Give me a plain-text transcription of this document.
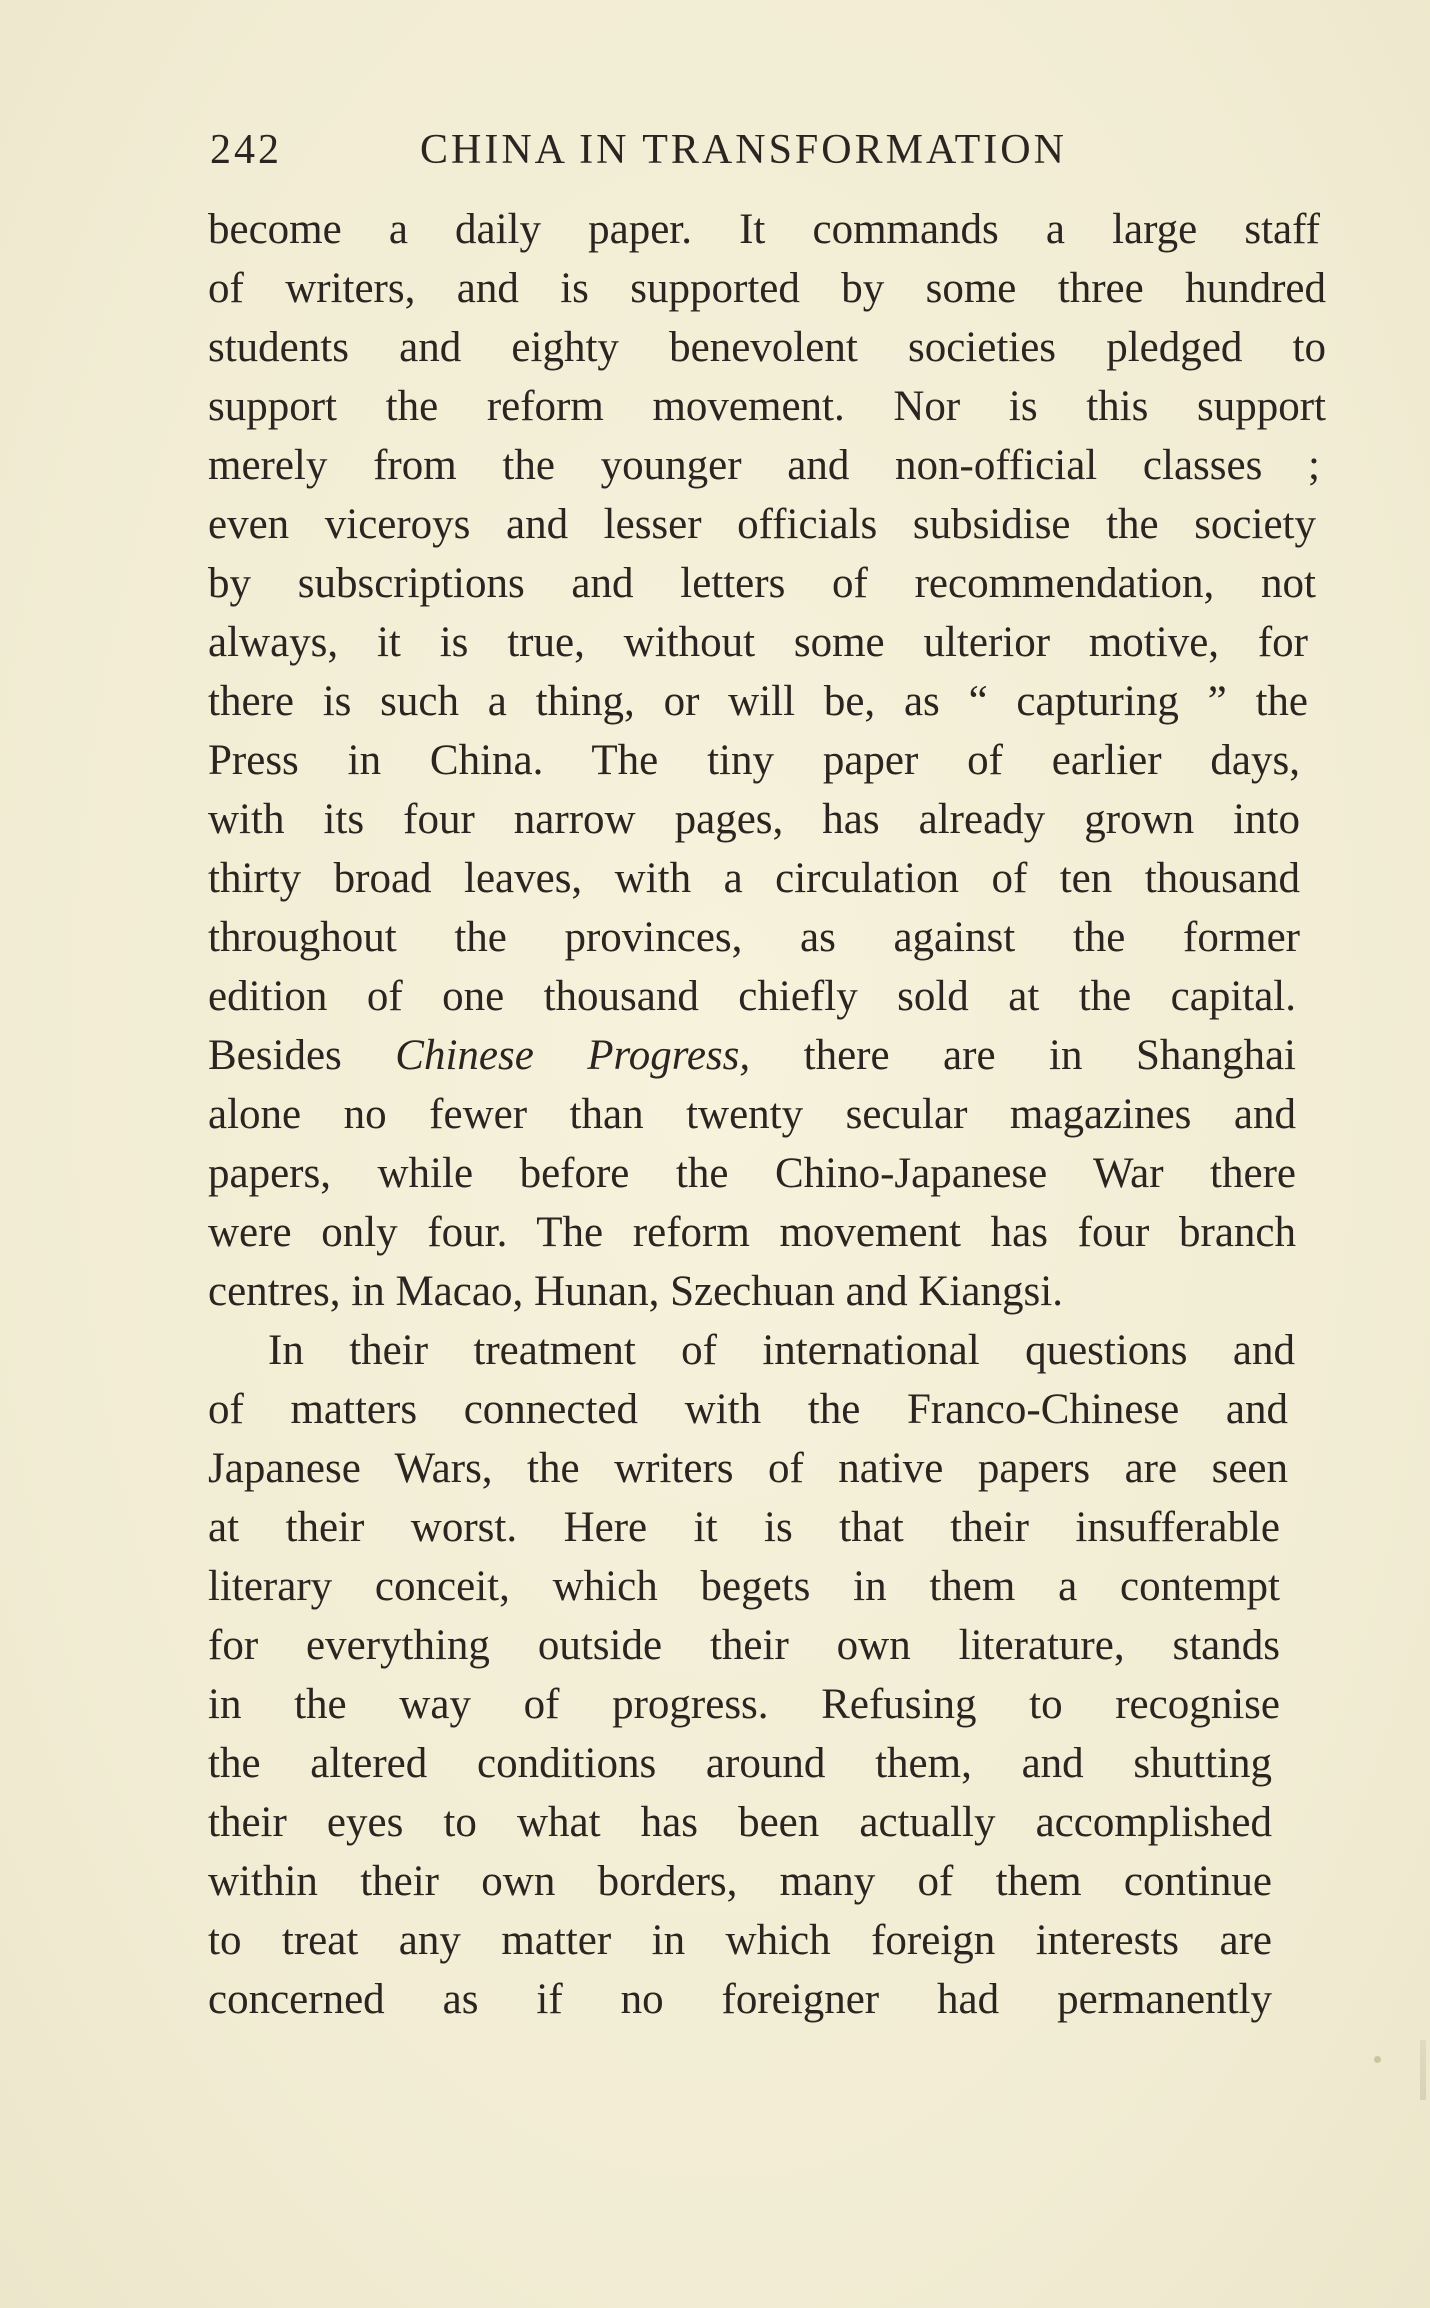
242	CHINA IN TRANSFORMATION
become a daily paper. It commands a large staff
of writers, and is supported by some three hundred
students and eighty benevolent societies pledged to
support the reform movement. Nor is this support
merely from the younger and non-official classes ;
even viceroys and lesser officials subsidise the society
by subscriptions and letters of recommendation, not
always, it is true, without some ulterior motive, for
there is such a thing, or will be, as “ capturing ” the
Press in China. The tiny paper of earlier days,
with its four narrow pages, has already grown into
thirty broad leaves, with a circulation of ten thousand
throughout the provinces, as against the former
edition of one thousand chiefly sold at the capital.
Besides Chinese Progress, there are in Shanghai
alone no fewer than twenty secular magazines and
papers, while before the Chino-Japanese War there
were only four. The reform movement has four branch
centres, in Macao, Hunan, Szechuan and Kiangsi.
In their treatment of international questions and
of matters connected with the Franco-Chinese and
Japanese Wars, the writers of native papers are seen
at their worst. Here it is that their insufferable
literary conceit, which begets in them a contempt
for everything outside their own literature, stands
in the way of progress. Refusing to recognise
the altered conditions around them, and shutting
their eyes to what has been actually accomplished
within their own borders, many of them continue
to treat any matter in which foreign interests are
concerned as if no foreigner had permanently
